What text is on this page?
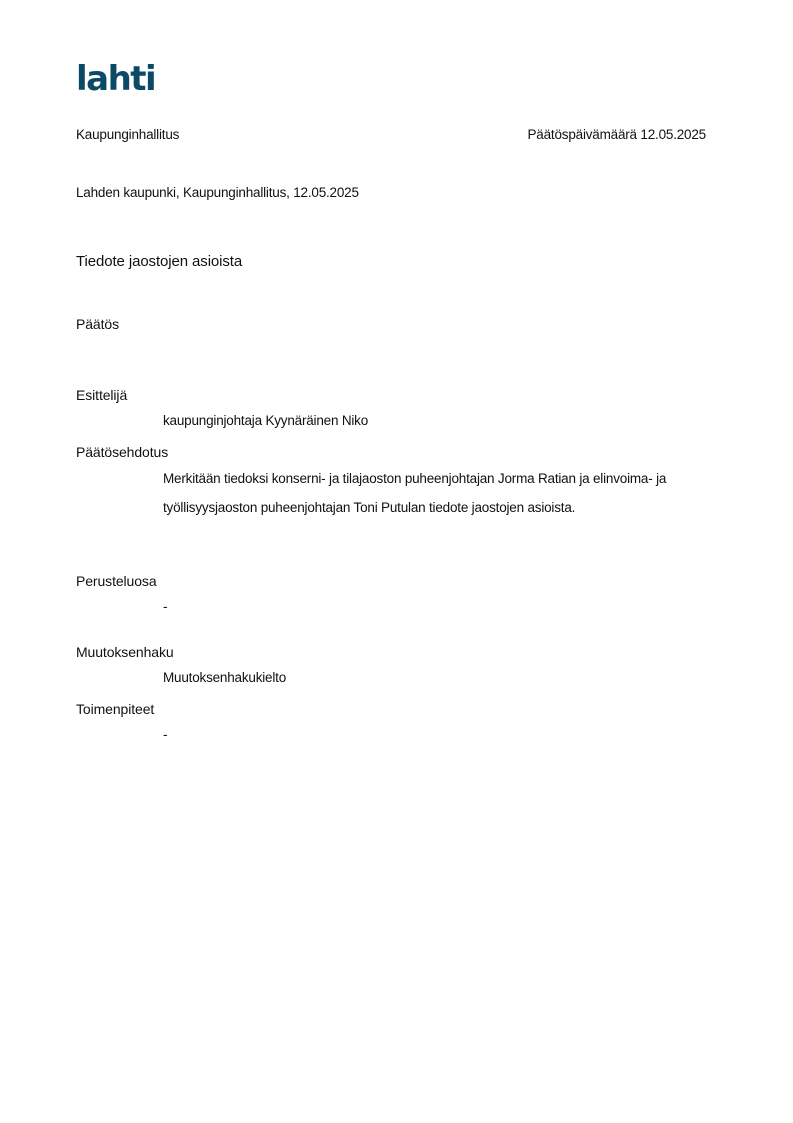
lahti
Kaupunginhallitus	Päätöspäivämäärä 12.05.2025
Lahden kaupunki, Kaupunginhallitus, 12.05.2025
Tiedote jaostojen asioista
Päätös
Esittelijä
kaupunginjohtaja Kyynäräinen Niko
Päätösehdotus
Merkitään tiedoksi konserni- ja tilajaoston puheenjohtajan Jorma Ratian ja elinvoima- ja työllisyysjaoston puheenjohtajan Toni Putulan tiedote jaostojen asioista.
Perusteluosa
-
Muutoksenhaku
Muutoksenhakukielto
Toimenpiteet
-
